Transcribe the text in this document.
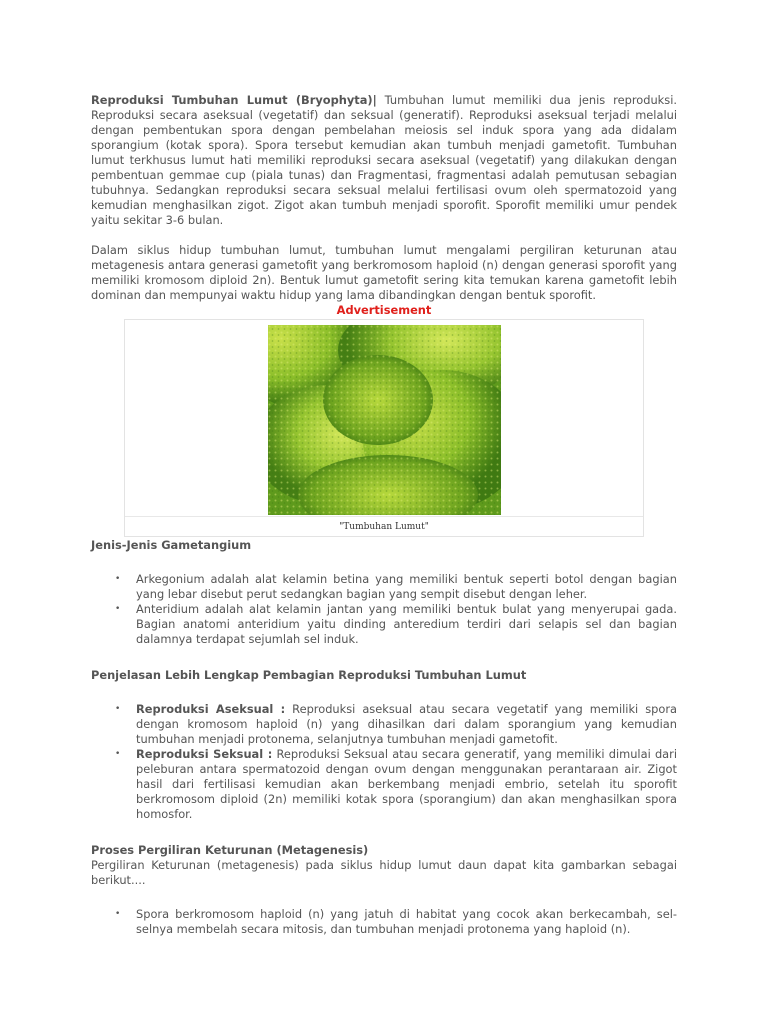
Reproduksi Tumbuhan Lumut (Bryophyta)| Tumbuhan lumut memiliki dua jenis reproduksi. Reproduksi secara aseksual (vegetatif) dan seksual (generatif). Reproduksi aseksual terjadi melalui dengan pembentukan spora dengan pembelahan meiosis sel induk spora yang ada didalam sporangium (kotak spora). Spora tersebut kemudian akan tumbuh menjadi gametofit. Tumbuhan lumut terkhusus lumut hati memiliki reproduksi secara aseksual (vegetatif) yang dilakukan dengan pembentuan gemmae cup (piala tunas) dan Fragmentasi, fragmentasi adalah pemutusan sebagian tubuhnya. Sedangkan reproduksi secara seksual melalui fertilisasi ovum oleh spermatozoid yang kemudian menghasilkan zigot. Zigot akan tumbuh menjadi sporofit. Sporofit memiliki umur pendek yaitu sekitar 3-6 bulan.

Dalam siklus hidup tumbuhan lumut, tumbuhan lumut mengalami pergiliran keturunan atau metagenesis antara generasi gametofit yang berkromosom haploid (n) dengan generasi sporofit yang memiliki kromosom diploid 2n). Bentuk lumut gametofit sering kita temukan karena gametofit lebih dominan dan mempunyai waktu hidup yang lama dibandingkan dengan bentuk sporofit.

Advertisement

"Tumbuhan Lumut"

Jenis-Jenis Gametangium

• Arkegonium adalah alat kelamin betina yang memiliki bentuk seperti botol dengan bagian yang lebar disebut perut sedangkan bagian yang sempit disebut dengan leher.
• Anteridium adalah alat kelamin jantan yang memiliki bentuk bulat yang menyerupai gada. Bagian anatomi anteridium yaitu dinding anteredium terdiri dari selapis sel dan bagian dalamnya terdapat sejumlah sel induk.

Penjelasan Lebih Lengkap Pembagian Reproduksi Tumbuhan Lumut

• Reproduksi Aseksual : Reproduksi aseksual atau secara vegetatif yang memiliki spora dengan kromosom haploid (n) yang dihasilkan dari dalam sporangium yang kemudian tumbuhan menjadi protonema, selanjutnya tumbuhan menjadi gametofit.
• Reproduksi Seksual : Reproduksi Seksual atau secara generatif, yang memiliki dimulai dari peleburan antara spermatozoid dengan ovum dengan menggunakan perantaraan air. Zigot hasil dari fertilisasi kemudian akan berkembang menjadi embrio, setelah itu sporofit berkromosom diploid (2n) memiliki kotak spora (sporangium) dan akan menghasilkan spora homosfor.

Proses Pergiliran Keturunan (Metagenesis)

Pergiliran Keturunan (metagenesis) pada siklus hidup lumut daun dapat kita gambarkan sebagai berikut....

• Spora berkromosom haploid (n) yang jatuh di habitat yang cocok akan berkecambah, sel-selnya membelah secara mitosis, dan tumbuhan menjadi protonema yang haploid (n).
